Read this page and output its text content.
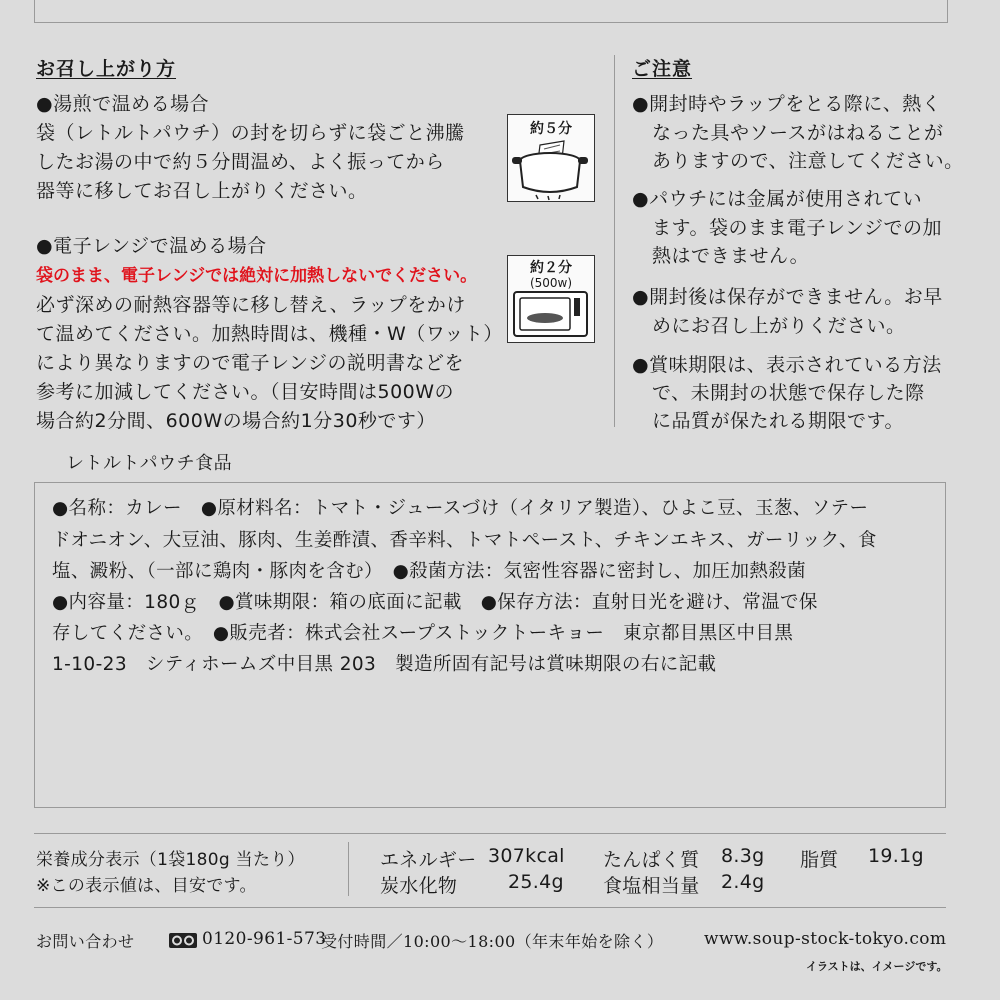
お召し上がり方
●湯煎で温める場合
袋（レトルトパウチ）の封を切らずに袋ごと沸騰
したお湯の中で約５分間温め、よく振ってから
器等に移してお召し上がりください。
約５分
●電子レンジで温める場合
袋のまま、電子レンジでは絶対に加熱しないでください。
必ず深めの耐熱容器等に移し替え、ラップをかけ
て温めてください。加熱時間は、機種・W（ワット）
により異なりますので電子レンジの説明書などを
参考に加減してください。（目安時間は500Wの
場合約2分間、600Wの場合約1分30秒です）
約２分
(500w)
ご注意
●開封時やラップをとる際に、熱く
なった具やソースがはねることが
ありますので、注意してください。
●パウチには金属が使用されてい
ます。袋のまま電子レンジでの加
熱はできません。
●開封後は保存ができません。お早
めにお召し上がりください。
●賞味期限は、表示されている方法
で、未開封の状態で保存した際
に品質が保たれる期限です。
レトルトパウチ食品
●名称：カレー　●原材料名：トマト・ジュースづけ（イタリア製造）、ひよこ豆、玉葱、ソテー
ドオニオン、大豆油、豚肉、生姜酢漬、香辛料、トマトペースト、チキンエキス、ガーリック、食
塩、澱粉、（一部に鶏肉・豚肉を含む）　●殺菌方法：気密性容器に密封し、加圧加熱殺菌
●内容量：180ｇ　●賞味期限：箱の底面に記載　●保存方法：直射日光を避け、常温で保
存してください。　●販売者：株式会社スープストックトーキョー　東京都目黒区中目黒
1-10-23　シティホームズ中目黒 203　製造所固有記号は賞味期限の右に記載
栄養成分表示（1袋180g 当たり）
※この表示値は、目安です。
エネルギー 307kcal たんぱく質 8.3g 脂質 19.1g
炭水化物	25.4g 食塩相当量 2.4g
お問い合わせ	0120-961-573
受付時間／10:00〜18:00（年末年始を除く） www.soup-stock-tokyo.com
イラストは、イメージです。
